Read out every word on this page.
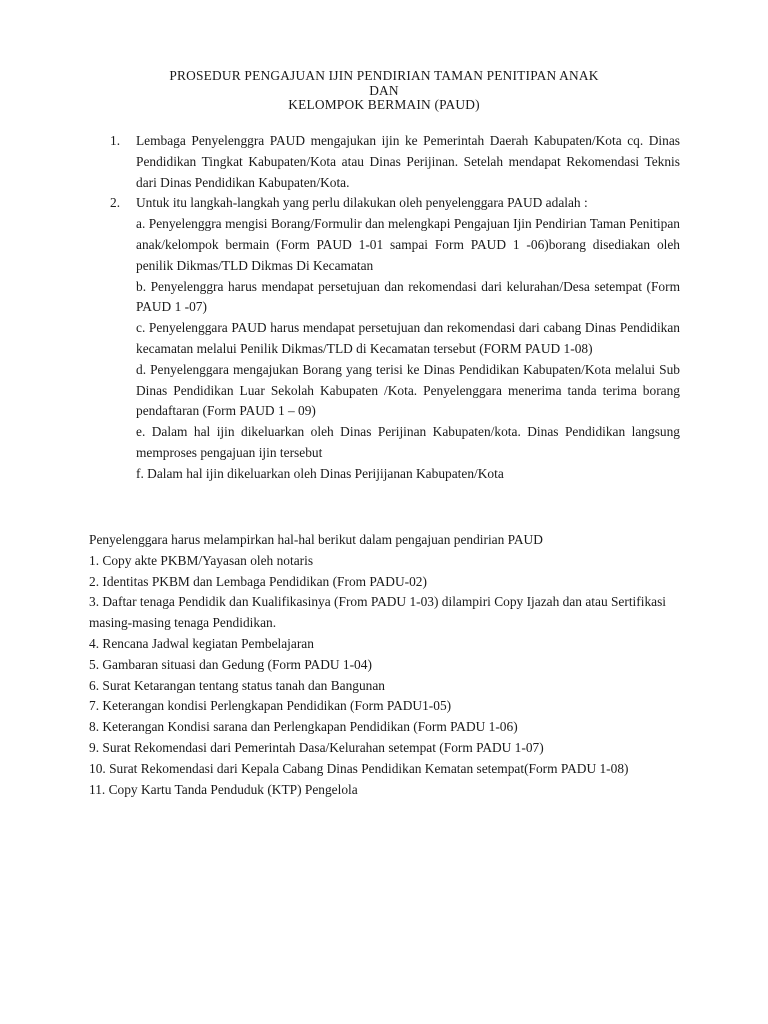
PROSEDUR PENGAJUAN IJIN PENDIRIAN TAMAN PENITIPAN ANAK
DAN
KELOMPOK BERMAIN (PAUD)
1. Lembaga Penyelenggra PAUD mengajukan ijin ke Pemerintah Daerah Kabupaten/Kota cq. Dinas Pendidikan Tingkat Kabupaten/Kota atau Dinas Perijinan. Setelah mendapat Rekomendasi Teknis dari Dinas Pendidikan Kabupaten/Kota.

2. Untuk itu langkah-langkah yang perlu dilakukan oleh penyelenggara PAUD adalah :

a. Penyelenggra mengisi Borang/Formulir dan melengkapi Pengajuan Ijin Pendirian Taman Penitipan anak/kelompok bermain (Form PAUD 1-01 sampai Form PAUD 1 -06)borang disediakan oleh penilik Dikmas/TLD Dikmas Di Kecamatan

b. Penyelenggra harus mendapat persetujuan dan rekomendasi dari kelurahan/Desa setempat (Form PAUD 1 -07)

c. Penyelenggara PAUD harus mendapat persetujuan dan rekomendasi dari cabang Dinas Pendidikan kecamatan melalui Penilik Dikmas/TLD di Kecamatan tersebut (FORM PAUD 1-08)

d. Penyelenggara mengajukan Borang yang terisi ke Dinas Pendidikan Kabupaten/Kota melalui Sub Dinas Pendidikan Luar Sekolah Kabupaten /Kota. Penyelenggara menerima tanda terima borang pendaftaran (Form PAUD 1 – 09)

e. Dalam hal ijin dikeluarkan oleh Dinas Perijinan Kabupaten/kota. Dinas Pendidikan langsung memproses pengajuan ijin tersebut

f. Dalam hal ijin dikeluarkan oleh Dinas Perijijanan Kabupaten/Kota

Penyelenggara harus melampirkan hal-hal berikut dalam pengajuan pendirian PAUD

1. Copy akte PKBM/Yayasan oleh notaris

2. Identitas PKBM dan Lembaga Pendidikan (From PADU-02)

3. Daftar tenaga Pendidik dan Kualifikasinya (From PADU 1-03) dilampiri Copy Ijazah dan atau Sertifikasi masing-masing tenaga Pendidikan.

4. Rencana Jadwal kegiatan Pembelajaran

5. Gambaran situasi dan Gedung (Form PADU 1-04)

6. Surat Ketarangan tentang status tanah dan Bangunan

7. Keterangan kondisi Perlengkapan Pendidikan (Form PADU1-05)

8. Keterangan Kondisi sarana dan Perlengkapan Pendidikan (Form PADU 1-06)

9. Surat Rekomendasi dari Pemerintah Dasa/Kelurahan setempat (Form PADU 1-07)

10. Surat Rekomendasi dari Kepala Cabang Dinas Pendidikan Kematan setempat(Form PADU 1-08)

11. Copy Kartu Tanda Penduduk (KTP) Pengelola
